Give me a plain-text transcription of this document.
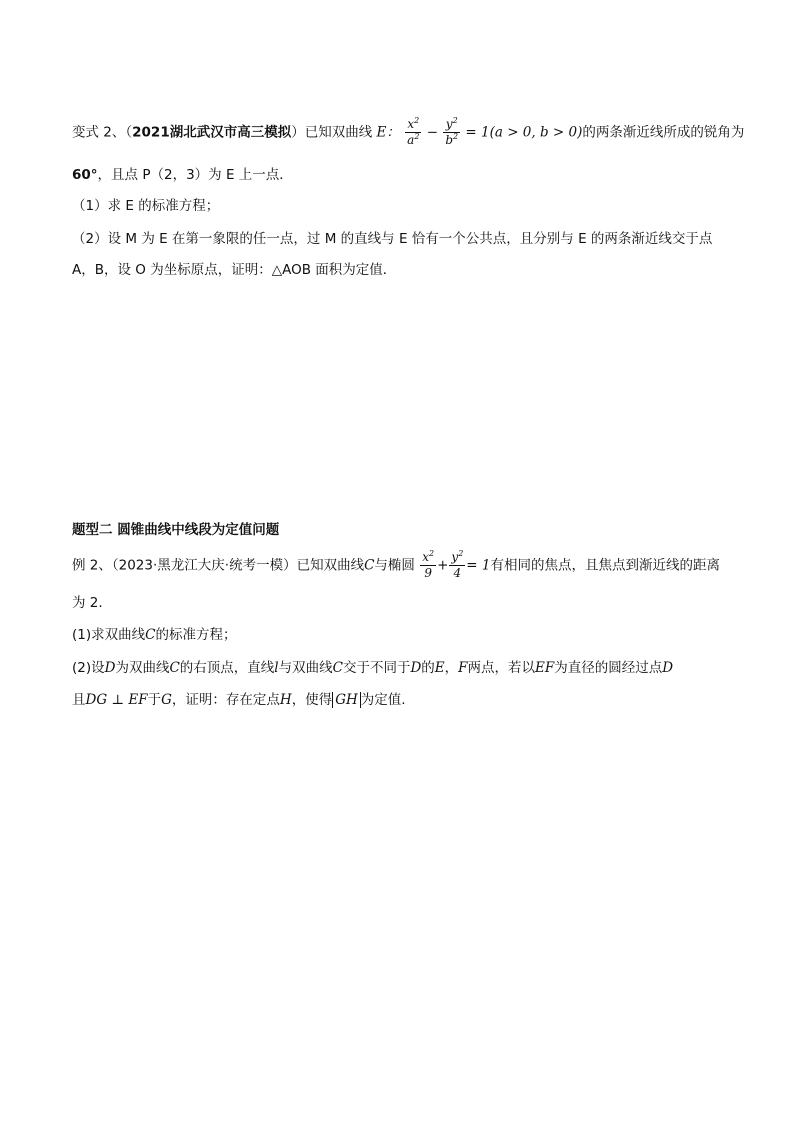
变式 2、（2021湖北武汉市高三模拟）已知双曲线 E： $\frac{x^2}{a^2} - \frac{y^2}{b^2} = 1(a > 0$, b > 0)的两条渐近线所成的锐角为
60°，且点 P（2，3）为 E 上一点．
（1）求 E 的标准方程；
（2）设 M 为 E 在第一象限的任一点，过 M 的直线与 E 恰有一个公共点，且分别与 E 的两条渐近线交于点
A，B，设 O 为坐标原点，证明：△AOB 面积为定值．
题型二 圆锥曲线中线段为定值问题
例 2、（2023·黑龙江大庆·统考一模）已知双曲线C与椭圆 $\frac{x^2}{9} + \frac{y^2}{4} = 1$有相同的焦点，且焦点到渐近线的距离
为 2.
(1)求双曲线C的标准方程；
(2)设D为双曲线C的右顶点，直线l与双曲线C交于不同于D的E，F两点，若以EF为直径的圆经过点D
且DG ⊥ EF于G，证明：存在定点H，使得 GH 为定值.
